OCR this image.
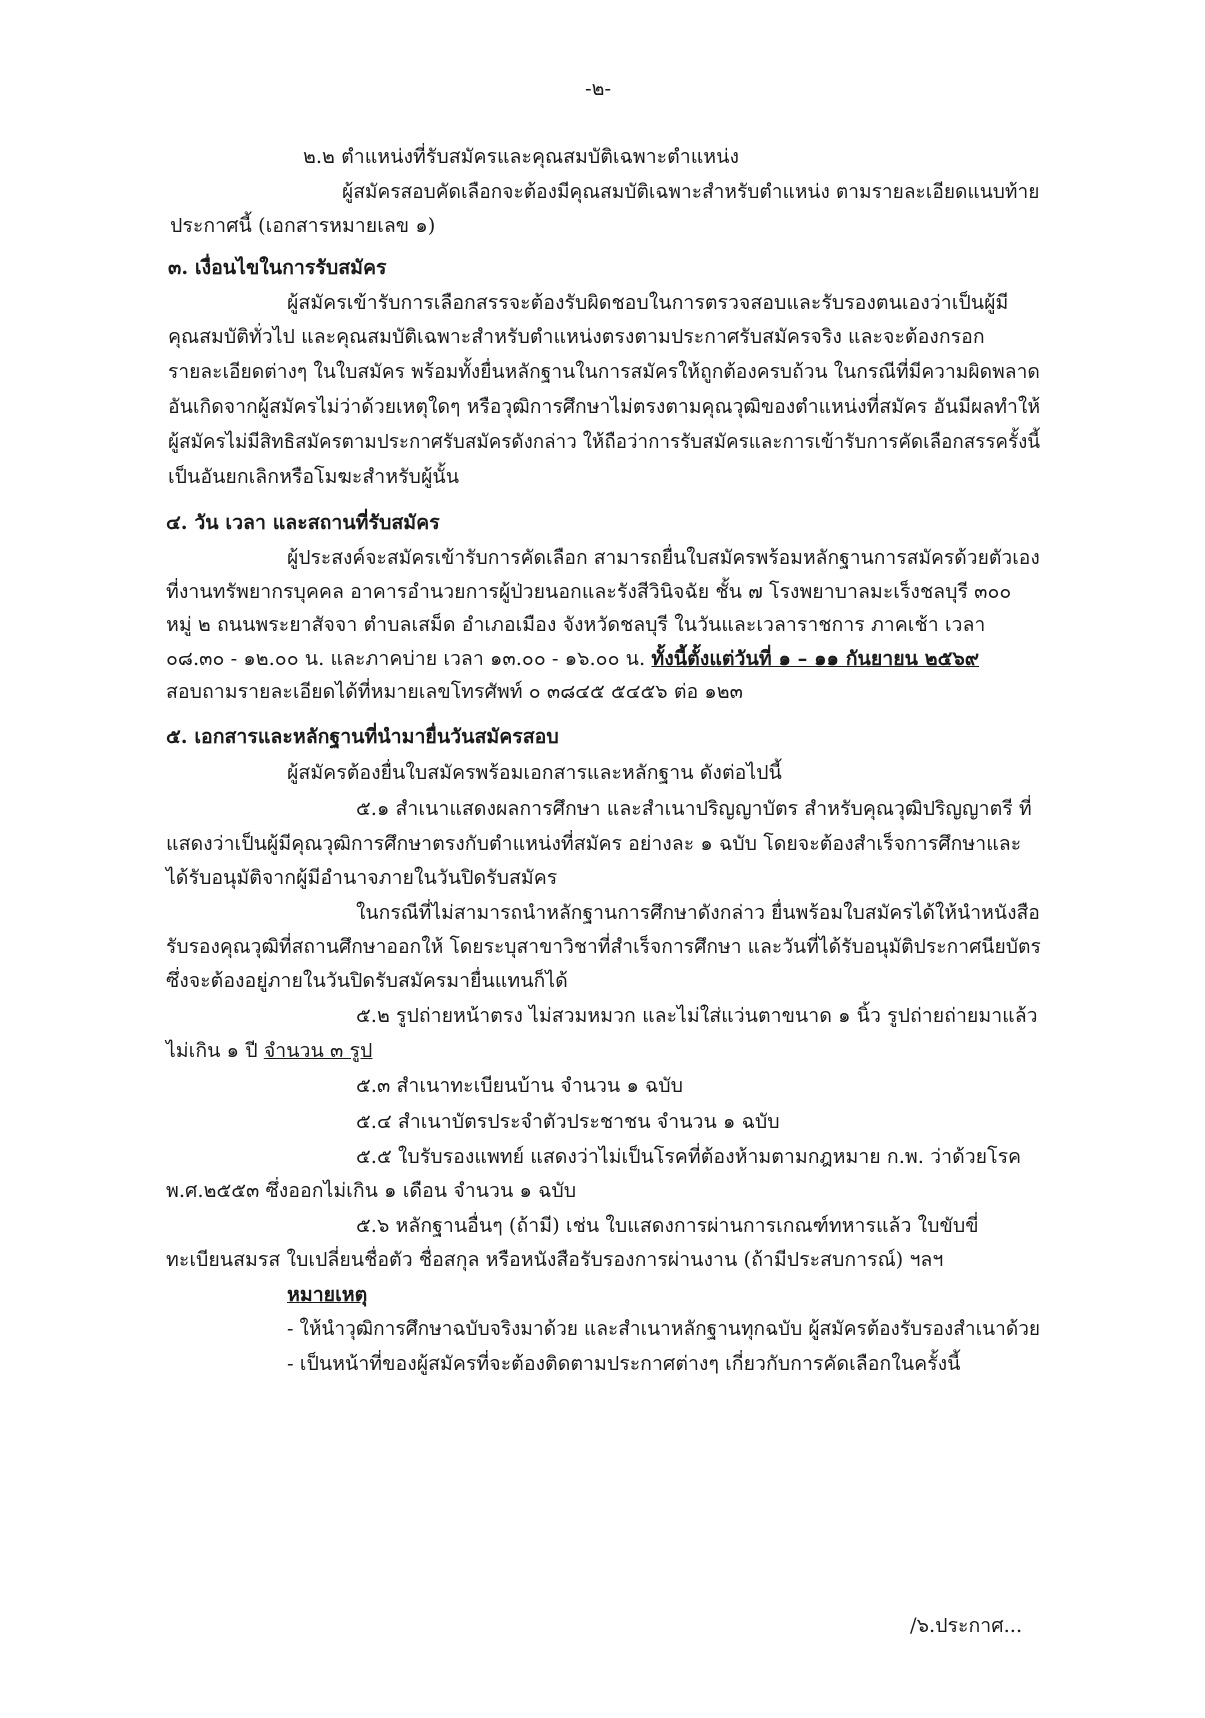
-๒-
๒.๒ ตำแหน่งที่รับสมัครและคุณสมบัติเฉพาะตำแหน่ง
ผู้สมัครสอบคัดเลือกจะต้องมีคุณสมบัติเฉพาะสำหรับตำแหน่ง ตามรายละเอียดแนบท้าย
ประกาศนี้ (เอกสารหมายเลข ๑)
๓. เงื่อนไขในการรับสมัคร
ผู้สมัครเข้ารับการเลือกสรรจะต้องรับผิดชอบในการตรวจสอบและรับรองตนเองว่าเป็นผู้มี
คุณสมบัติทั่วไป และคุณสมบัติเฉพาะสำหรับตำแหน่งตรงตามประกาศรับสมัครจริง และจะต้องกรอก
รายละเอียดต่างๆ ในใบสมัคร พร้อมทั้งยื่นหลักฐานในการสมัครให้ถูกต้องครบถ้วน ในกรณีที่มีความผิดพลาด
อันเกิดจากผู้สมัครไม่ว่าด้วยเหตุใดๆ หรือวุฒิการศึกษาไม่ตรงตามคุณวุฒิของตำแหน่งที่สมัคร อันมีผลทำให้
ผู้สมัครไม่มีสิทธิสมัครตามประกาศรับสมัครดังกล่าว ให้ถือว่าการรับสมัครและการเข้ารับการคัดเลือกสรรครั้งนี้
เป็นอันยกเลิกหรือโมฆะสำหรับผู้นั้น
๔. วัน เวลา และสถานที่รับสมัคร
ผู้ประสงค์จะสมัครเข้ารับการคัดเลือก สามารถยื่นใบสมัครพร้อมหลักฐานการสมัครด้วยตัวเอง
ที่งานทรัพยากรบุคคล อาคารอำนวยการผู้ป่วยนอกและรังสีวินิจฉัย ชั้น ๗ โรงพยาบาลมะเร็งชลบุรี ๓๐๐
หมู่ ๒ ถนนพระยาสัจจา ตำบลเสม็ด อำเภอเมือง จังหวัดชลบุรี ในวันและเวลาราชการ ภาคเช้า เวลา
๐๘.๓๐ - ๑๒.๐๐ น. และภาคบ่าย เวลา ๑๓.๐๐ - ๑๖.๐๐ น. ทั้งนี้ตั้งแต่วันที่ ๑ – ๑๑ กันยายน ๒๕๖๙
สอบถามรายละเอียดได้ที่หมายเลขโทรศัพท์ ๐ ๓๘๔๕ ๕๔๕๖ ต่อ ๑๒๓
๕. เอกสารและหลักฐานที่นำมายื่นวันสมัครสอบ
ผู้สมัครต้องยื่นใบสมัครพร้อมเอกสารและหลักฐาน ดังต่อไปนี้
๕.๑ สำเนาแสดงผลการศึกษา และสำเนาปริญญาบัตร สำหรับคุณวุฒิปริญญาตรี ที่
แสดงว่าเป็นผู้มีคุณวุฒิการศึกษาตรงกับตำแหน่งที่สมัคร อย่างละ ๑ ฉบับ โดยจะต้องสำเร็จการศึกษาและ
ได้รับอนุมัติจากผู้มีอำนาจภายในวันปิดรับสมัคร
ในกรณีที่ไม่สามารถนำหลักฐานการศึกษาดังกล่าว ยื่นพร้อมใบสมัครได้ให้นำหนังสือ
รับรองคุณวุฒิที่สถานศึกษาออกให้ โดยระบุสาขาวิชาที่สำเร็จการศึกษา และวันที่ได้รับอนุมัติประกาศนียบัตร
ซึ่งจะต้องอยู่ภายในวันปิดรับสมัครมายื่นแทนก็ได้
๕.๒ รูปถ่ายหน้าตรง ไม่สวมหมวก และไม่ใส่แว่นตาขนาด ๑ นิ้ว รูปถ่ายถ่ายมาแล้ว
ไม่เกิน ๑ ปี จำนวน ๓ รูป
๕.๓ สำเนาทะเบียนบ้าน จำนวน ๑ ฉบับ
๕.๔ สำเนาบัตรประจำตัวประชาชน จำนวน ๑ ฉบับ
๕.๕ ใบรับรองแพทย์ แสดงว่าไม่เป็นโรคที่ต้องห้ามตามกฎหมาย ก.พ. ว่าด้วยโรค
พ.ศ.๒๕๕๓ ซึ่งออกไม่เกิน ๑ เดือน จำนวน ๑ ฉบับ
๕.๖ หลักฐานอื่นๆ (ถ้ามี) เช่น ใบแสดงการผ่านการเกณฑ์ทหารแล้ว ใบขับขี่
ทะเบียนสมรส ใบเปลี่ยนชื่อตัว ชื่อสกุล หรือหนังสือรับรองการผ่านงาน (ถ้ามีประสบการณ์) ฯลฯ
หมายเหตุ
- ให้นำวุฒิการศึกษาฉบับจริงมาด้วย และสำเนาหลักฐานทุกฉบับ ผู้สมัครต้องรับรองสำเนาด้วย
- เป็นหน้าที่ของผู้สมัครที่จะต้องติดตามประกาศต่างๆ เกี่ยวกับการคัดเลือกในครั้งนี้
/๖.ประกาศ...
